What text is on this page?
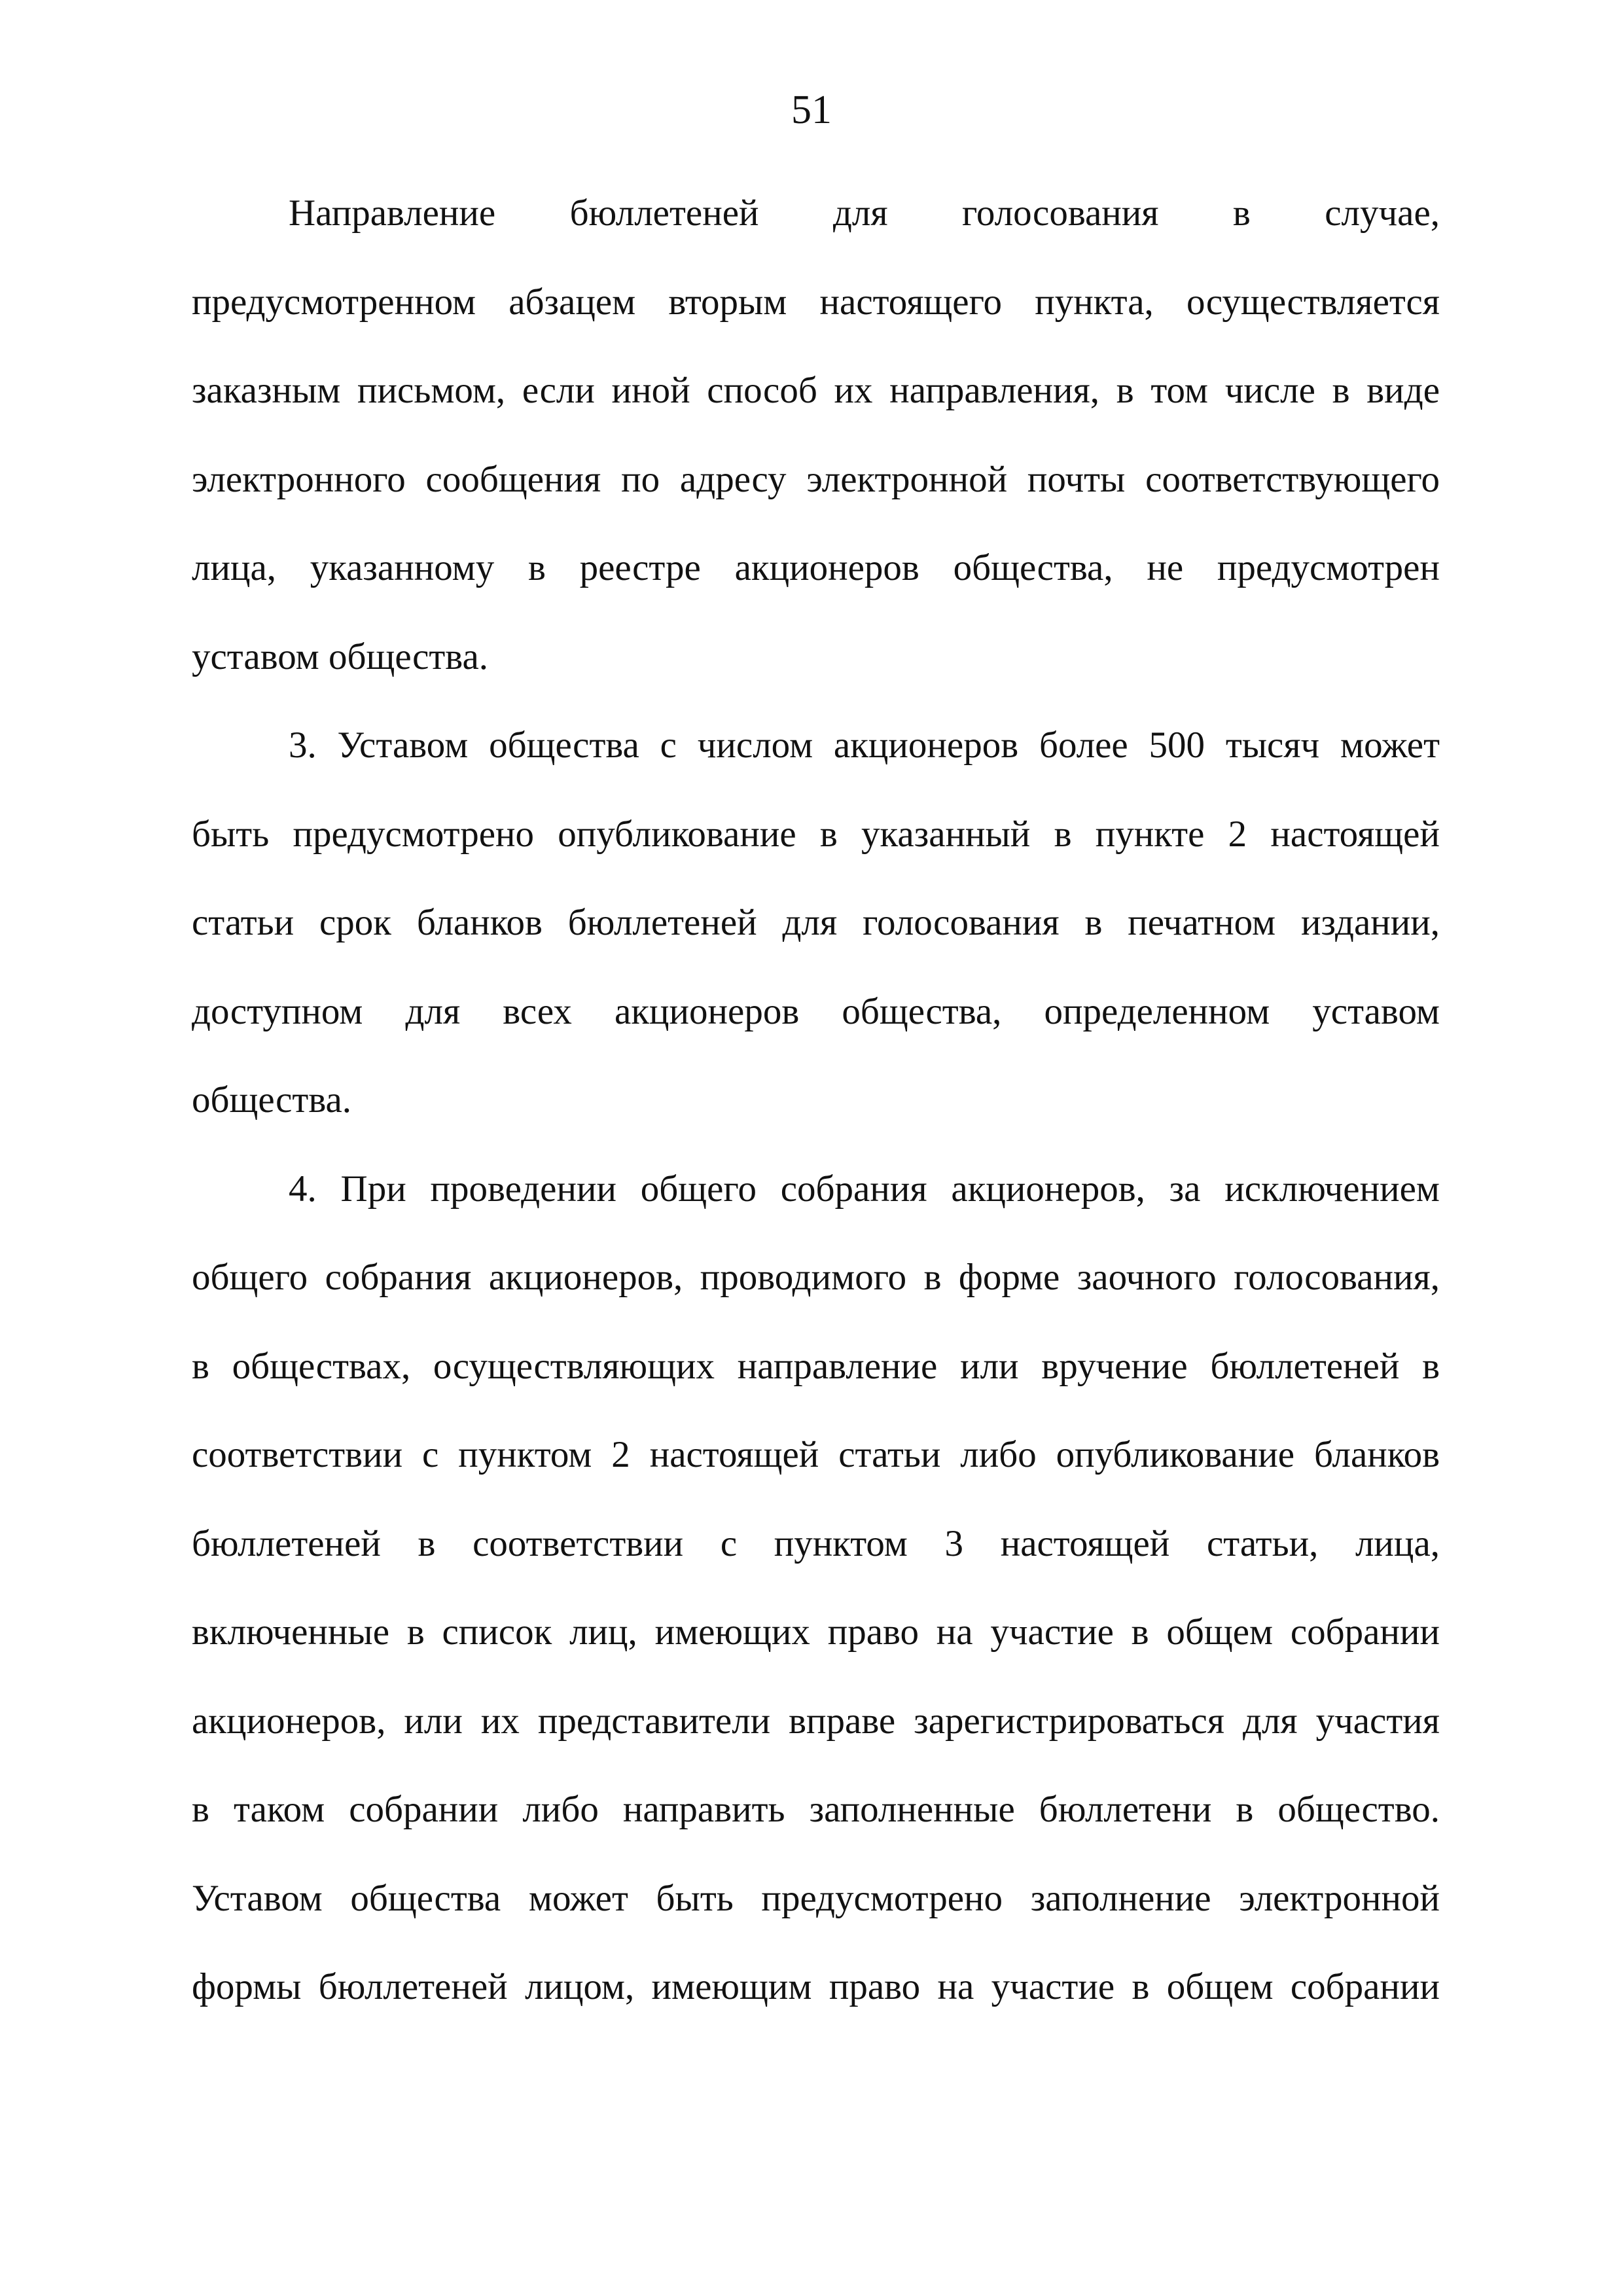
51
Направление бюллетеней для голосования в случае,
предусмотренном абзацем вторым настоящего пункта, осуществляется
заказным письмом, если иной способ их направления, в том числе в виде
электронного сообщения по адресу электронной почты соответствующего
лица, указанному в реестре акционеров общества, не предусмотрен
уставом общества.
3. Уставом общества с числом акционеров более 500 тысяч может
быть предусмотрено опубликование в указанный в пункте 2 настоящей
статьи срок бланков бюллетеней для голосования в печатном издании,
доступном для всех акционеров общества, определенном уставом
общества.
4. При проведении общего собрания акционеров, за исключением
общего собрания акционеров, проводимого в форме заочного голосования,
в обществах, осуществляющих направление или вручение бюллетеней в
соответствии с пунктом 2 настоящей статьи либо опубликование бланков
бюллетеней в соответствии с пунктом 3 настоящей статьи, лица,
включенные в список лиц, имеющих право на участие в общем собрании
акционеров, или их представители вправе зарегистрироваться для участия
в таком собрании либо направить заполненные бюллетени в общество.
Уставом общества может быть предусмотрено заполнение электронной
формы бюллетеней лицом, имеющим право на участие в общем собрании
